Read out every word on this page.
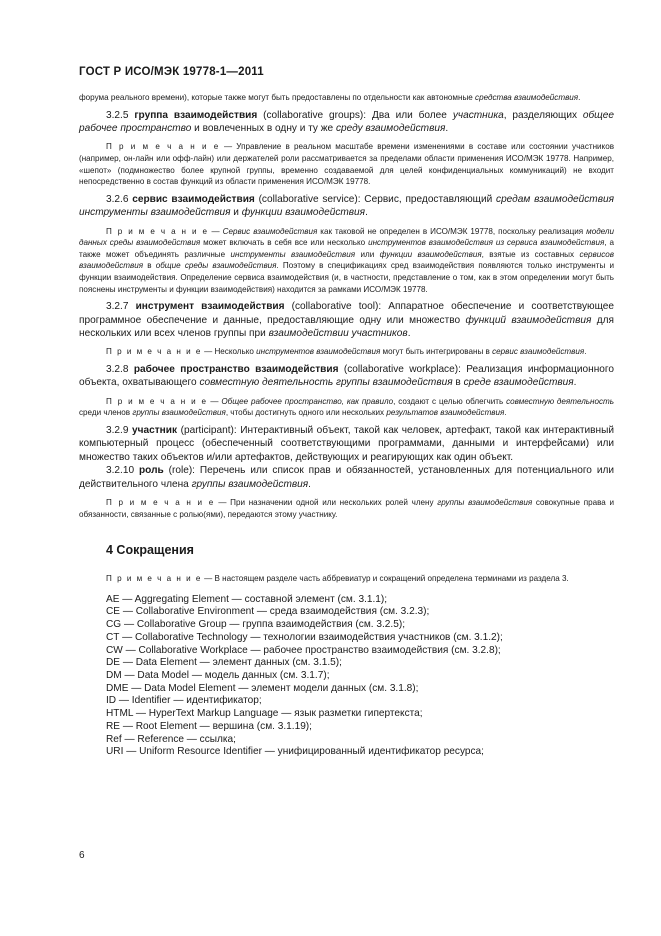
ГОСТ Р ИСО/МЭК 19778-1—2011

форума реального времени), которые также могут быть предоставлены по отдельности как автономные средства взаимодействия.

3.2.5 группа взаимодействия (collaborative groups): Два или более участника, разделяющих общее рабочее пространство и вовлеченных в одну и ту же среду взаимодействия.

П р и м е ч а н и е — Управление в реальном масштабе времени изменениями в составе или состоянии участников (например, он-лайн или офф-лайн) или держателей роли рассматривается за пределами области применения ИСО/МЭК 19778. Например, «шепот» (подмножество более крупной группы, временно создаваемой для целей конфиденциальных коммуникаций) не входит непосредственно в состав функций из области применения ИСО/МЭК 19778.

3.2.6 сервис взаимодействия (collaborative service): Сервис, предоставляющий средам взаимодействия инструменты взаимодействия и функции взаимодействия.

П р и м е ч а н и е — Сервис взаимодействия как таковой не определен в ИСО/МЭК 19778, поскольку реализация модели данных среды взаимодействия может включать в себя все или несколько инструментов взаимодействия из сервиса взаимодействия, а также может объединять различные инструменты взаимодействия или функции взаимодействия, взятые из составных сервисов взаимодействия в общие среды взаимодействия. Поэтому в спецификациях сред взаимодействия появляются только инструменты и функции взаимодействия. Определение сервиса взаимодействия (и, в частности, представление о том, как в этом определении могут быть пояснены инструменты и функции взаимодействия) находится за рамками ИСО/МЭК 19778.

3.2.7 инструмент взаимодействия (collaborative tool): Аппаратное обеспечение и соответствующее программное обеспечение и данные, предоставляющие одну или множество функций взаимодействия для нескольких или всех членов группы при взаимодействии участников.

П р и м е ч а н и е — Несколько инструментов взаимодействия могут быть интегрированы в сервис взаимодействия.

3.2.8 рабочее пространство взаимодействия (collaborative workplace): Реализация информационного объекта, охватывающего совместную деятельность группы взаимодействия в среде взаимодействия.

П р и м е ч а н и е — Общее рабочее пространство, как правило, создают с целью облегчить совместную деятельность среди членов группы взаимодействия, чтобы достигнуть одного или нескольких результатов взаимодействия.

3.2.9 участник (participant): Интерактивный объект, такой как человек, артефакт, такой как интерактивный компьютерный процесс (обеспеченный соответствующими программами, данными и интерфейсами) или множество таких объектов и/или артефактов, действующих и реагирующих как один объект.

3.2.10 роль (role): Перечень или список прав и обязанностей, установленных для потенциального или действительного члена группы взаимодействия.

П р и м е ч а н и е — При назначении одной или нескольких ролей члену группы взаимодействия совокупные права и обязанности, связанные с ролью(ями), передаются этому участнику.

4 Сокращения

П р и м е ч а н и е — В настоящем разделе часть аббревиатур и сокращений определена терминами из раздела 3.

AE — Aggregating Element — составной элемент (см. 3.1.1);
CE — Collaborative Environment — среда взаимодействия (см. 3.2.3);
CG — Collaborative Group — группа взаимодействия (см. 3.2.5);
CT — Collaborative Technology — технологии взаимодействия участников (см. 3.1.2);
CW — Collaborative Workplace — рабочее пространство взаимодействия (см. 3.2.8);
DE — Data Element — элемент данных (см. 3.1.5);
DM — Data Model — модель данных (см. 3.1.7);
DME — Data Model Element — элемент модели данных (см. 3.1.8);
ID — Identifier — идентификатор;
HTML — HyperText Markup Language — язык разметки гипертекста;
RE — Root Element — вершина (см. 3.1.19);
Ref — Reference — ссылка;
URI — Uniform Resource Identifier — унифицированный идентификатор ресурса;
6
